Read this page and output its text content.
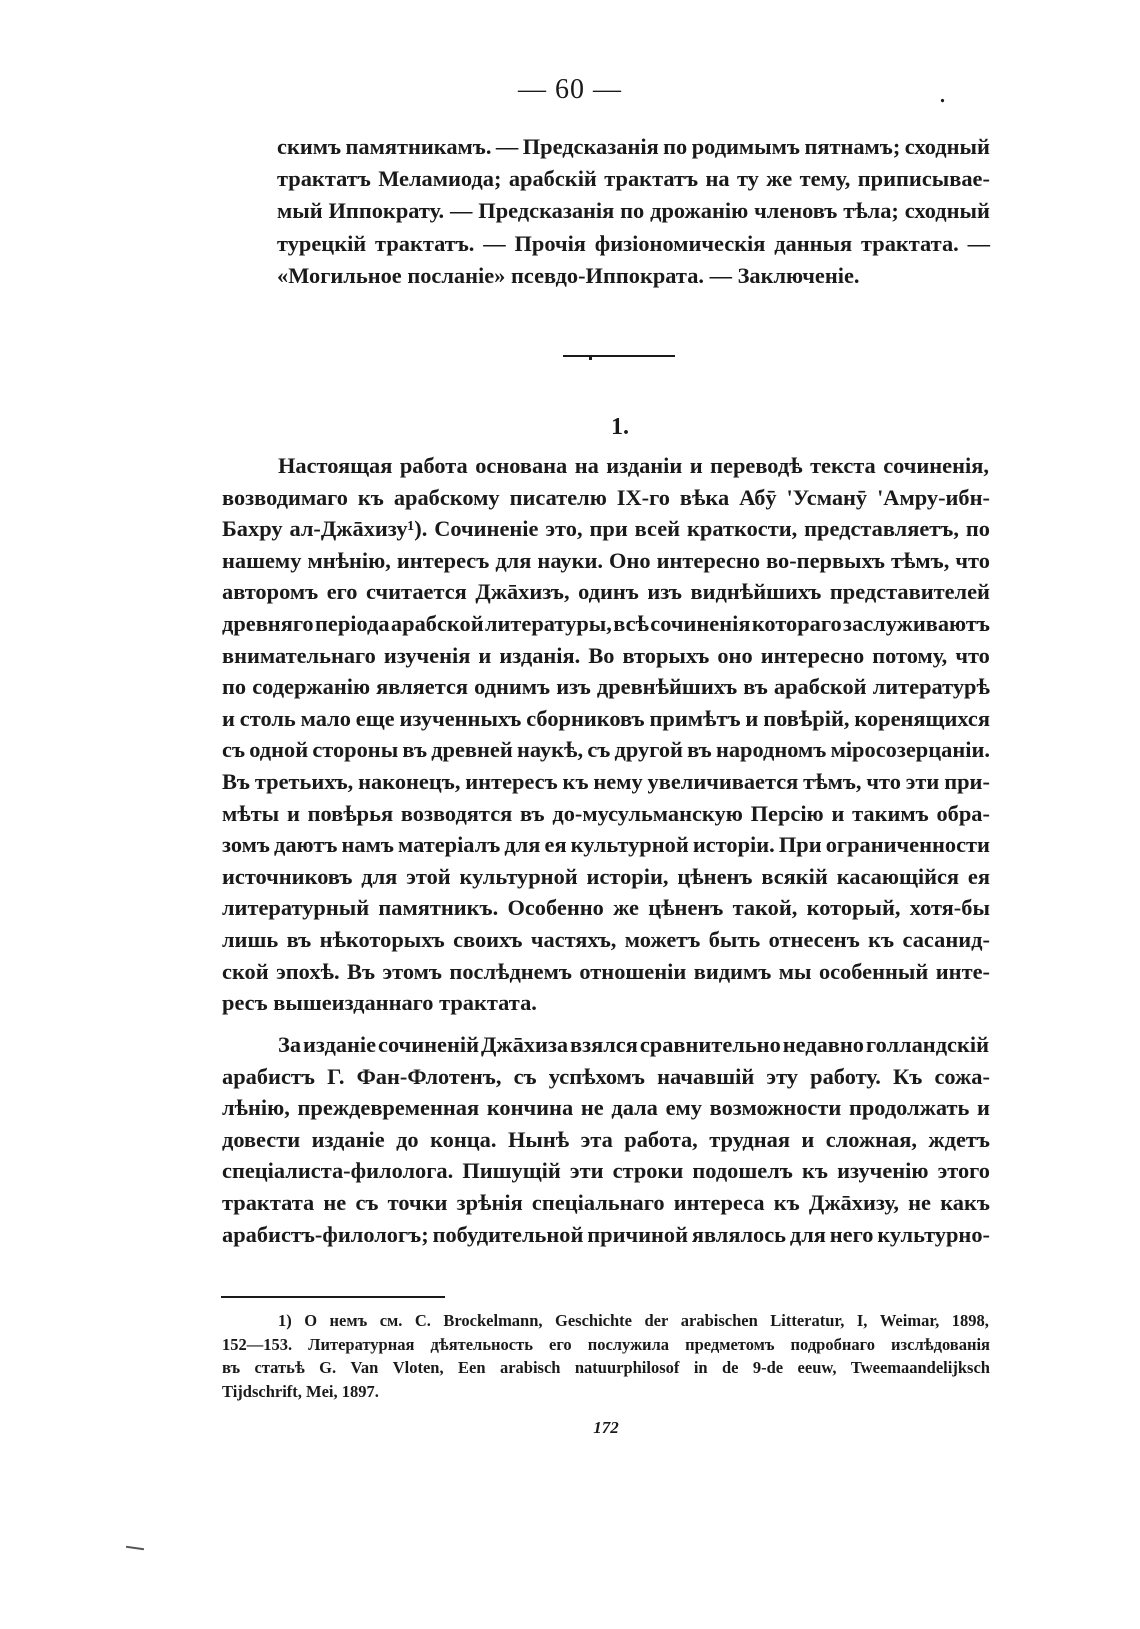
— 60 —	.
скимъ памятникамъ. — Предсказанія по родимымъ пятнамъ; сходный
трактатъ Меламиода; арабскій трактатъ на ту же тему, приписывае-
мый Иппократу. — Предсказанія по дрожанію членовъ тѣла; сходный
турецкій трактатъ. — Прочія физіономическія данныя трактата. —
«Могильное посланіе» псевдо-Иппократа. — Заключеніе.
1.
Настоящая работа основана на изданіи и переводѣ текста сочиненія,
возводимаго къ арабскому писателю IX-го вѣка Абӯ 'Усманӯ 'Амру-ибн-
Бахру ал-Джāхизу¹). Сочиненіе это, при всей краткости, представляетъ, по
нашему мнѣнію, интересъ для науки. Оно интересно во-первыхъ тѣмъ, что
авторомъ его считается Джāхизъ, одинъ изъ виднѣйшихъ представителей
древняго періода арабской литературы, всѣ сочиненія котораго заслуживаютъ
внимательнаго изученія и изданія. Во вторыхъ оно интересно потому, что
по содержанію является однимъ изъ древнѣйшихъ въ арабской литературѣ
и столь мало еще изученныхъ сборниковъ примѣтъ и повѣрій, коренящихся
съ одной стороны въ древней наукѣ, съ другой въ народномъ міросозерцаніи.
Въ третьихъ, наконецъ, интересъ къ нему увеличивается тѣмъ, что эти при-
мѣты и повѣрья возводятся въ до-мусульманскую Персію и такимъ обра-
зомъ даютъ намъ матеріалъ для ея культурной исторіи. При ограниченности
источниковъ для этой культурной исторіи, цѣненъ всякій касающійся ея
литературный памятникъ. Особенно же цѣненъ такой, который, хотя-бы
лишь въ нѣкоторыхъ своихъ частяхъ, можетъ быть отнесенъ къ сасанид-
ской эпохѣ. Въ этомъ послѣднемъ отношеніи видимъ мы особенный инте-
ресъ вышеизданнаго трактата.
За изданіе сочиненій Джāхиза взялся сравнительно недавно голландскій
арабистъ Г. Фан-Флотенъ, съ успѣхомъ начавшій эту работу. Къ сожа-
лѣнію, преждевременная кончина не дала ему возможности продолжать и
довести изданіе до конца. Нынѣ эта работа, трудная и сложная, ждетъ
спеціалиста-филолога. Пишущій эти строки подошелъ къ изученію этого
трактата не съ точки зрѣнія спеціальнаго интереса къ Джāхизу, не какъ
арабистъ-филологъ; побудительной причиной являлось для него культурно-
1) О немъ см. C. Brockelmann, Geschichte der arabischen Litteratur, I, Weimar, 1898,
152—153. Литературная дѣятельность его послужила предметомъ подробнаго изслѣдованія
въ статьѣ G. Van Vloten, Een arabisch natuurphilosof in de 9-de eeuw, Tweemaandelijksch
Tijdschrift, Mei, 1897.
172
